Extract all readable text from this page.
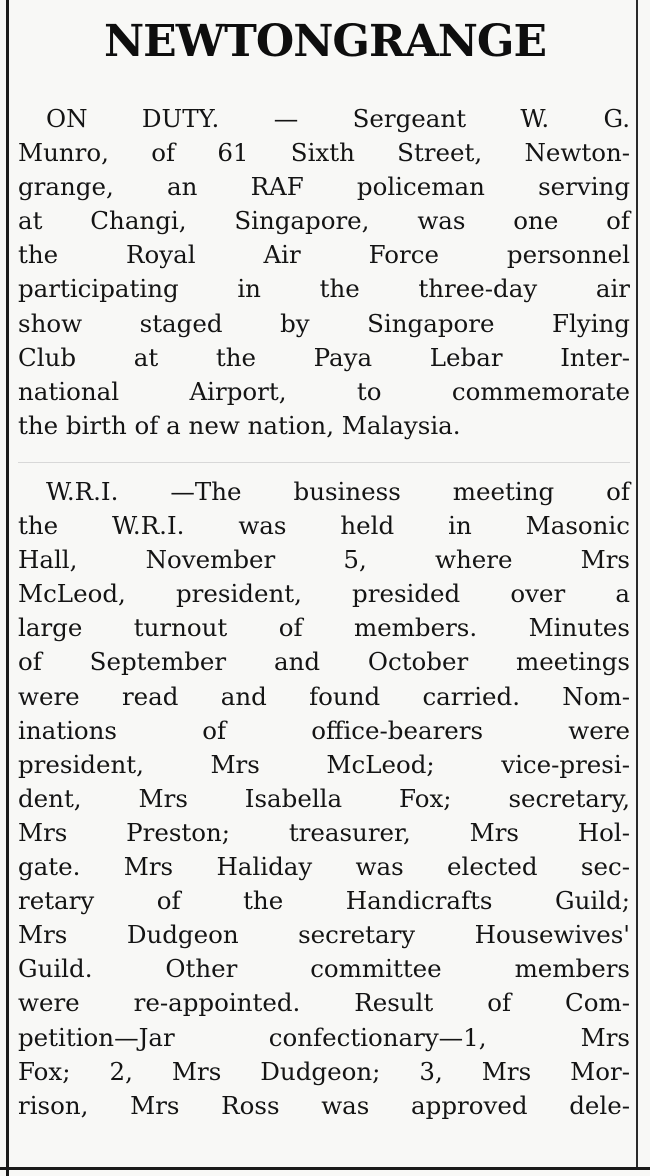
NEWTONGRANGE
ON DUTY. — Sergeant W. G.
Munro, of 61 Sixth Street, Newton-
grange, an RAF policeman serving
at Changi, Singapore, was one of
the Royal Air Force personnel
participating in the three-day air
show staged by Singapore Flying
Club at the Paya Lebar Inter-
national Airport, to commemorate
the birth of a new nation, Malaysia.
W.R.I. —The business meeting of
the W.R.I. was held in Masonic
Hall, November 5, where Mrs
McLeod, president, presided over a
large turnout of members. Minutes
of September and October meetings
were read and found carried. Nom-
inations of office-bearers were
president, Mrs McLeod; vice-presi-
dent, Mrs Isabella Fox; secretary,
Mrs Preston; treasurer, Mrs Hol-
gate. Mrs Haliday was elected sec-
retary of the Handicrafts Guild;
Mrs Dudgeon secretary Housewives'
Guild. Other committee members
were re-appointed. Result of Com-
petition—Jar confectionary—1, Mrs
Fox; 2, Mrs Dudgeon; 3, Mrs Mor-
rison, Mrs Ross was approved dele-
